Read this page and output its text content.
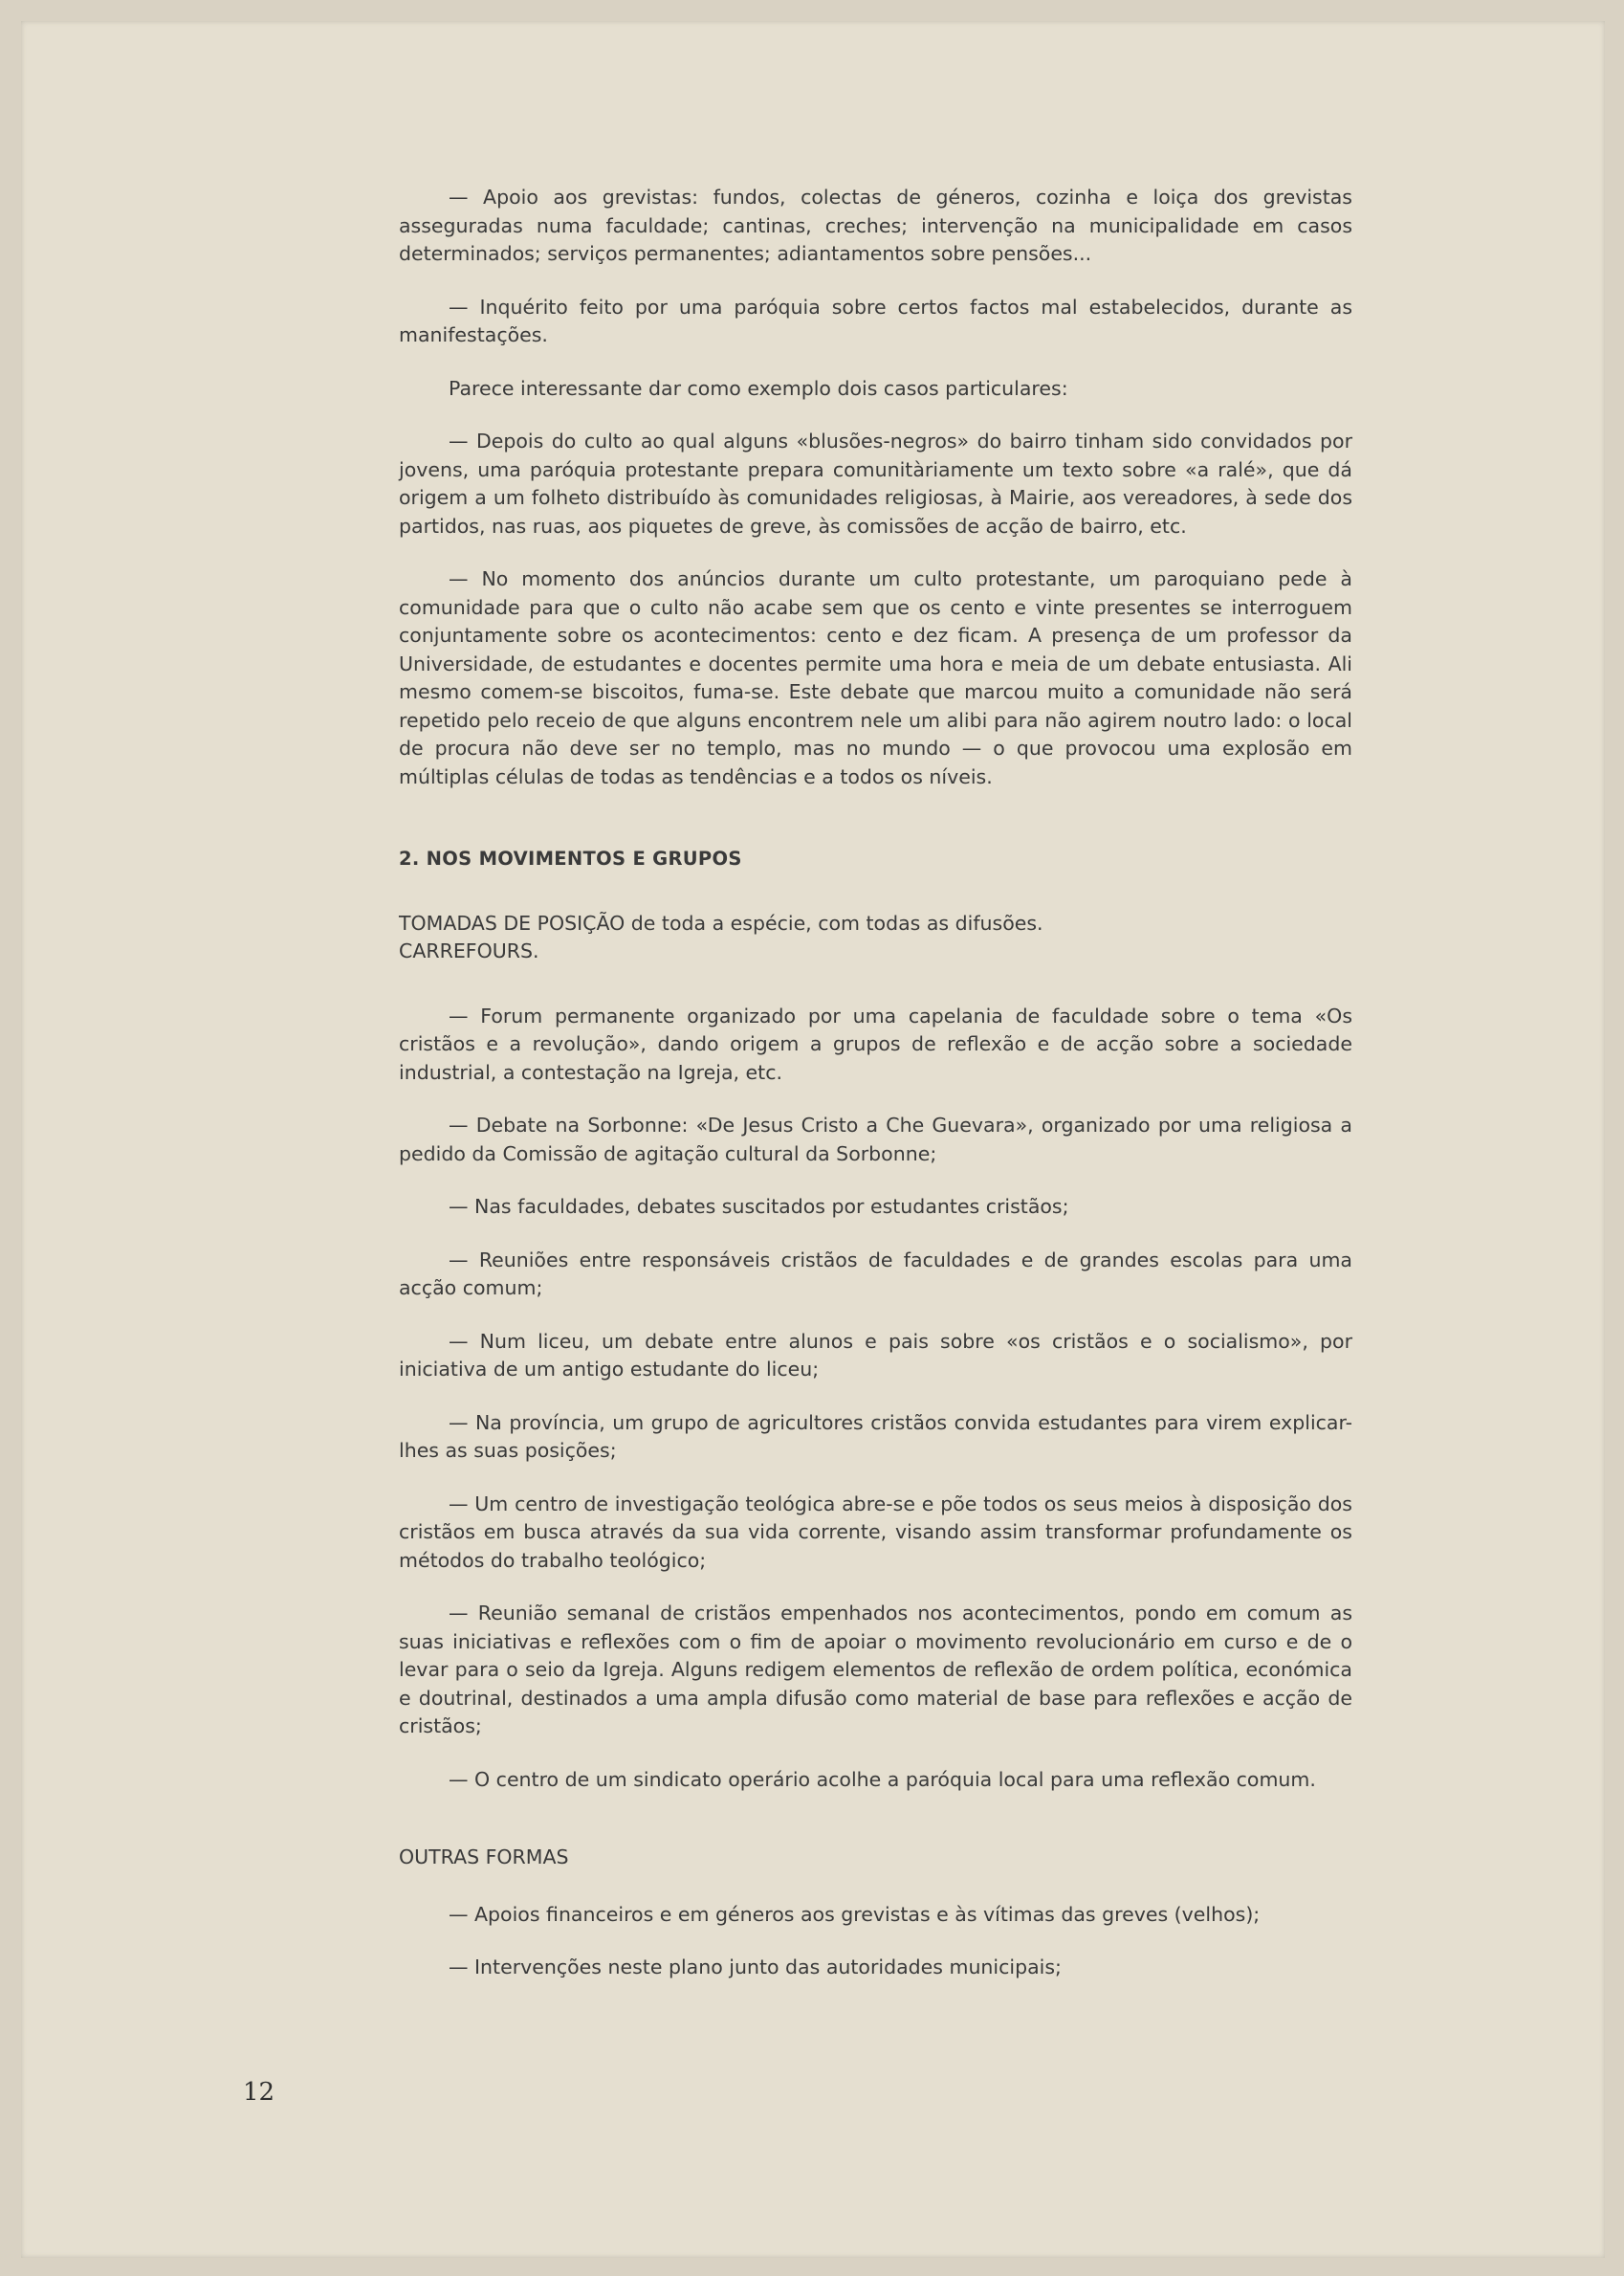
— Apoio aos grevistas: fundos, colectas de géneros, cozinha e loiça dos grevistas asseguradas numa faculdade; cantinas, creches; intervenção na municipalidade em casos determinados; serviços permanentes; adiantamentos sobre pensões...

— Inquérito feito por uma paróquia sobre certos factos mal estabelecidos, durante as manifestações.

Parece interessante dar como exemplo dois casos particulares:

— Depois do culto ao qual alguns «blusões-negros» do bairro tinham sido convidados por jovens, uma paróquia protestante prepara comunitàriamente um texto sobre «a ralé», que dá origem a um folheto distribuído às comunidades religiosas, à Mairie, aos vereadores, à sede dos partidos, nas ruas, aos piquetes de greve, às comissões de acção de bairro, etc.

— No momento dos anúncios durante um culto protestante, um paroquiano pede à comunidade para que o culto não acabe sem que os cento e vinte presentes se interroguem conjuntamente sobre os acontecimentos: cento e dez ficam. A presença de um professor da Universidade, de estudantes e docentes permite uma hora e meia de um debate entusiasta. Ali mesmo comem-se biscoitos, fuma-se. Este debate que marcou muito a comunidade não será repetido pelo receio de que alguns encontrem nele um alibi para não agirem noutro lado: o local de procura não deve ser no templo, mas no mundo — o que provocou uma explosão em múltiplas células de todas as tendências e a todos os níveis.

2. NOS MOVIMENTOS E GRUPOS

TOMADAS DE POSIÇÃO de toda a espécie, com todas as difusões.

CARREFOURS.

— Forum permanente organizado por uma capelania de faculdade sobre o tema «Os cristãos e a revolução», dando origem a grupos de reflexão e de acção sobre a sociedade industrial, a contestação na Igreja, etc.

— Debate na Sorbonne: «De Jesus Cristo a Che Guevara», organizado por uma religiosa a pedido da Comissão de agitação cultural da Sorbonne;

— Nas faculdades, debates suscitados por estudantes cristãos;

— Reuniões entre responsáveis cristãos de faculdades e de grandes escolas para uma acção comum;

— Num liceu, um debate entre alunos e pais sobre «os cristãos e o socialismo», por iniciativa de um antigo estudante do liceu;

— Na província, um grupo de agricultores cristãos convida estudantes para virem explicar-lhes as suas posições;

— Um centro de investigação teológica abre-se e põe todos os seus meios à disposição dos cristãos em busca através da sua vida corrente, visando assim transformar profundamente os métodos do trabalho teológico;

— Reunião semanal de cristãos empenhados nos acontecimentos, pondo em comum as suas iniciativas e reflexões com o fim de apoiar o movimento revolucionário em curso e de o levar para o seio da Igreja. Alguns redigem elementos de reflexão de ordem política, económica e doutrinal, destinados a uma ampla difusão como material de base para reflexões e acção de cristãos;

— O centro de um sindicato operário acolhe a paróquia local para uma reflexão comum.

OUTRAS FORMAS

— Apoios financeiros e em géneros aos grevistas e às vítimas das greves (velhos);

— Intervenções neste plano junto das autoridades municipais;

12
